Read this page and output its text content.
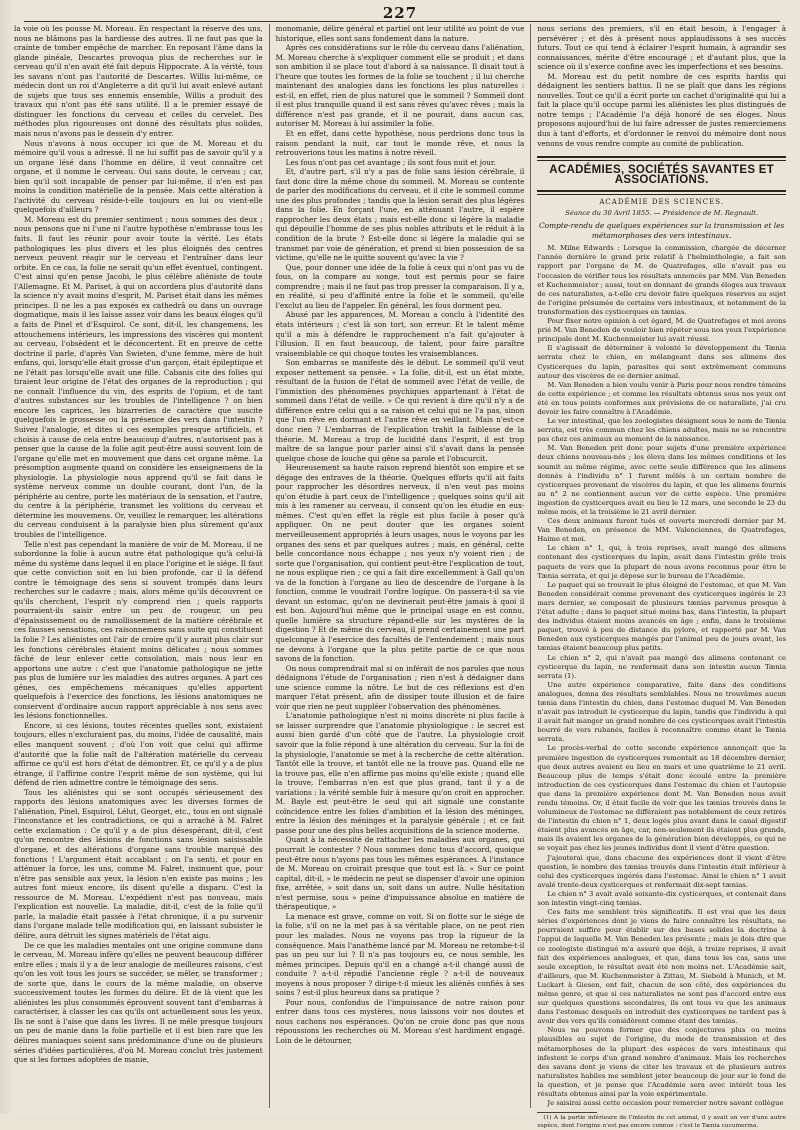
227

la voie où les pousse M. Moreau. En respectant la réserve des uns, nous ne blâmons pas la hardiesse des autres. Il ne faut pas que la crainte de tomber empêche de marcher. En reposant l'âme dans la glande pinéale, Descartes provoqua plus de recherches sur le cerveau qu'il n'en avait été fait depuis Hippocrate. A la vérité, tous les savans n'ont pas l'autorité de Descartes. Willis lui-même, ce médecin dont un roi d'Angleterre a dit qu'il lui avait enlevé autant de sujets que tous ses ennemis ensemble, Willis a produit des travaux qui n'ont pas été sans utilité. Il a le premier essayé de distinguer les fonctions du cerveau et celles du cervelet. Des méthodes plus rigoureuses ont donné des résultats plus solides, mais nous n'avons pas le dessein d'y entrer.

Nous n'avons à nous occuper ici que de M. Moreau et du mémoire qu'il vous a adressé. Il ne lui suffit pas de savoir qu'il y a un organe lésé dans l'homme en délire, il veut connaître cet organe, et il nomme le cerveau. Oui sans doute, le cerveau ; car, bien qu'il soit incapable de penser par lui-même, il n'en est pas moins la condition matérielle de la pensée. Mais cette altération à l'activité du cerveau réside-t-elle toujours en lui ou vient-elle quelquefois d'ailleurs ?

M. Moreau est du premier sentiment ; nous sommes des deux ; nous pensons que ni l'une ni l'autre hypothèse n'embrasse tous les faits. Il faut les réunir pour avoir toute la vérité. Les états pathologiques les plus divers et les plus éloignés des centres nerveux peuvent réagir sur le cerveau et l'entraîner dans leur orbite. En ce cas, la folie ne serait qu'un effet éventuel, contingent. C'est ainsi qu'en pense Jacobi, le plus célèbre aliéniste de toute l'Allemagne. Et M. Pariset, à qui on accordera plus d'autorité dans la science n'y avait moins d'esprit, M. Pariset était dans les mêmes principes. Il ne les a pas exposés ex cathedrâ ou dans un ouvrage dogmatique, mais il les laisse assez voir dans les beaux éloges qu'il a faits de Pinel et d'Esquirol. Ce sont, dit-il, les changemens, les attouchemens intérieurs, les impressions des viscères qui montent au cerveau, l'obsèdent et le déconcertent. Et en preuve de cette doctrine il parle, d'après Van Swieten, d'une femme, mère de huit enfans, qui, lorsqu'elle était grosse d'un garçon, était épileptique et ne l'était pas lorsqu'elle avait une fille. Cabanis cite des folies qui tiraient leur origine de l'état des organes de la reproduction ; qui ne connaît l'influence du vin, des esprits de l'opium, et de tant d'autres substances sur les troubles de l'intelligence ? on bien encore les caprices, les bizarreries de caractère que suscite quelquefois le grossesse ou la présence des vers dans l'intestin ? Suivez l'analogie, et dites si ces exemples presque artificiels, et choisis à cause de cela entre beaucoup d'autres, n'autorisent pas à penser que la cause de la folie agit peut-être aussi souvent loin de l'organe qu'elle met en mouvement que dans cet organe même. La présomption augmente quand on considère les enseignemens de la physiologie. La physiologie nous apprend qu'il se fait dans le système nerveux comme un double courant, dont l'un, de la périphérie au centre, porte les matériaux de la sensation, et l'autre, du centre à la périphérie, transmet les volitions du cerveau et détermine les mouvemens. Or, veuillez le remarquer, les altérations du cerveau conduisent à la paralysie bien plus sûrement qu'aux troubles de l'intelligence.

Telle n'est pas cependant la manière de voir de M. Moreau, il ne subordonne la folie à aucun autre état pathologique qu'à celui-là même du système dans lequel il en place l'origine et le siége. Il faut que cette conviction soit en lui bien profonde, car il la défend contre le témoignage des sens si souvent trompés dans leurs recherches sur le cadavre ; mais, alors même qu'ils découvrent ce qu'ils cherchent, l'esprit n'y comprend rien ; quels rapports pourraient-ils saisir entre un peu de rougeur, un peu d'épaississement ou de ramollissement de la matière cérébrale et ces fausses sensations, ces raisonnemens sans suite qui constituent la folie ? Les aliénistes ont l'air de croire qu'il y aurait plus clair sur les fonctions cérébrales étaient moins délicates ; nous sommes fâché de leur enlever cette consolation, mais nous leur en apportons une autre : c'est que l'anatomie pathologique ne jette pas plus de lumière sur les maladies des autres organes. A part ces gênes, ces empêchemens mécaniques qu'elles apportent quelquefois à l'exercice des fonctions, les lésions anatomiques ne conservent d'ordinaire aucun rapport appréciable à nos sens avec les lésions fonctionnelles.

Encore, si ces lésions, toutes récentes quelles sont, existaient toujours, elles n'excluraient pas, du moins, l'idée de causalité, mais elles manquent souvent ; d'où l'on voit que celui qui affirme d'autorité que la folie naît de l'altération matérielle du cerveau affirme ce qu'il est hors d'état de démontrer. Et, ce qu'il y a de plus étrange, il l'affirme contre l'esprit même de son système, qui lui défend de rien admettre contre le témoignage des sens.

Tous les aliénistes qui se sont occupés sérieusement des rapports des lésions anatomiques avec les diverses formes de l'aliénation, Pinel, Esquirol, Lélut, Georget, etc., tous en ont signalé l'inconstance et les contradictions, ce qui a arraché à M. Falret cette exclamation : Ce qu'il y a de plus désespérant, dit-il, c'est qu'on rencontre des lésions de fonctions sans lésion saisissable d'organe, et des altérations d'organe sans trouble marqué des fonctions ! L'argument était accablant ; on l'a senti, et pour en atténuer la force, les uns, comme M. Falret, insinuent que, pour n'être pas sensible aux yeux, la lésion n'en existe pas moins ; les autres font mieux encore, ils disent qu'elle a disparu. C'est la ressource de M. Moreau. L'expédient n'est pas nouveau, mais l'explication est nouvelle. La maladie, dit-il, c'est de la folie qu'il parle, la maladie était passée à l'état chronique, il a pu survenir dans l'organe malade telle modification qui, en laissant subsister le délire, aura détruit les signes matériels de l'état aigu.

De ce que les maladies mentales ont une origine commune dans le cerveau, M. Moreau infère qu'elles ne peuvent beaucoup différer entre elles ; mais il y a de leur analogie de meilleures raisons, c'est qu'on les voit tous les jours se succéder, se mêler, se transformer ; de sorte que, dans le cours de la même maladie, on observe successivement toutes les formes du délire. Et de là vient que les aliénistes les plus consommés éprouvent souvent tant d'embarras à caractériser, à classer les cas qu'ils ont actuellement sous les yeux. Ils ne sont à l'aise que dans les livres. Il ne méle presque toujours un peu de manie dans la folie partielle et il est bien rare que les délires maniaques soient sans prédominance d'une ou de plusieurs séries d'idées particulières, d'où M. Moreau conclut très justement que si les formes adoptées de manie,

monomanie, délire général et partiel ont leur utilité au point de vue historique, elles sont sans fondement dans la nature.

Après ces considérations sur le rôle du cerveau dans l'aliénation, M. Moreau cherche à s'expliquer comment elle se produit ; et dans son ambition il se place tout d'abord à sa naissance. Il disait tout à l'heure que toutes les formes de la folie se touchent ; il lui cherche maintenant des analogies dans les fonctions les plus naturelles : est-il, en effet, rien de plus naturel que le sommeil ? Sommeil dont il est plus tranquille quand il est sans rêves qu'avec rêves ; mais la différence n'est pas grande, et il ne pourait, dans aucun cas, autoriser M. Moreau à lui assimiler la folie.

Et en effet, dans cette hypothèse, nous perdrions donc tous la raison pendant la nuit, car tout le monde rêve, et nous la retrouverions tous les matins à notre réveil.

Les fous n'ont pas cet avantage ; ils sont fous nuit et jour.

Et, d'autre part, s'il n'y a pas de folie sans lésion cérébrale, il faut donc dire la même chose du sommeil. M. Moreau se contente de parler des modifications du cerveau, et il cite le sommeil comme une des plus profondes ; tandis que la lésion serait des plus légères dans la folie. En forçant l'une, en atténuant l'autre, il espère rapprocher les deux états ; mais est-elle donc si légère la maladie qui dépouille l'homme de ses plus nobles attributs et le réduit à la condition de la brute ? Est-elle donc si légère la maladie qui se transmet par voie de génération, et prend si bien possession de sa victime, qu'elle ne le quitte souvent qu'avec la vie ?

Que, pour donner une idée de la folie à ceux qui n'ont pas vu de fous, on la compare au songe, tout est permis pour se faire comprendre ; mais il ne faut pas trop presser la comparaison. Il y a, en réalité, si peu d'affinité entre la folie et le sommeil, qu'elle l'exclut au lieu de l'appeler. En général, les fous dorment peu.

Abusé par les apparences, M. Moreau a conclu à l'identité des états intérieurs ; c'est là son tort, son erreur. Et le talent même qu'il a mis à défendre le rapprochement n'a fait qu'ajouter à l'illusion. Il en faut beaucoup, de talent, pour faire paraître vraisemblable ce qui choque toutes les vraisemblances.

Son embarras se manifeste dès le début. Le sommeil qu'il veut exposer nettement sa pensée. « La folie, dit-il, est un état mixte, résultant de la fusion de l'état de sommeil avec l'état de veille, de l'immixtion des phénomènes psychiques appartenant à l'état de sommeil dans l'état de veille. » Ce qui revient à dire qu'il n'y a de différence entre celui qui a sa raison et celui qui ne l'a pas, sinon que l'un rêve en dormant et l'autre rêve en veillant. Mais n'est-ce donc rien ? L'embarras de l'explication trahit la faiblesse de la théorie. M. Moreau a trop de lucidité dans l'esprit, il est trop maître de sa langue pour parler ainsi s'il s'avait dans la pensée quelque chose de louche qui gêne sa parole et l'obscurcit.

Heureusement sa haute raison reprend bientôt son empire et se dégage des entraves de la théorie. Quelques efforts qu'il ait faits pour rapprocher les désordres nerveux, il n'en veut pas moins qu'on étudie à part ceux de l'intelligence ; quelques soins qu'il ait mis à les ramener au cerveau, il consent qu'on les étudie en eux-mêmes. C'est qu'en effet la règle est plus facile à poser qu'à appliquer. On ne peut douter que les organes soient merveilleusement appropriés à leurs usages, nous le voyons par les organes des sens et par quelques autres ; mais, en général, cette belle concordance nous échappe ; nos yeux n'y voient rien ; de sorte que l'organisation, qui contient peut-être l'explication de tout, ne nous explique rien ; ce qui a fait dire excellemment à Gall qu'on va de la fonction à l'organe au lieu de descendre de l'organe à la fonction, comme le voudrait l'ordre logique. On passera-t-il sa vie devant un estomac, qu'on ne devinerait peut-être jamais à quoi il est bon. Aujourd'hui même que le principal usage en est connu, quelle lumière sa structure répand-elle sur les mystères de la digestion ? Et de même du cerveau, il prend certainement une part quelconque à l'exercice des facultés de l'entendement ; mais nous ne devons à l'organe que la plus petite partie de ce que nous savons de la fonction.

On nous comprendrait mal si on inférait de nos paroles que nous dédaignons l'étude de l'organisation ; rien n'est à dédaigner dans une science comme la nôtre. Le but de ces réflexions est d'en marquer l'état présent, afin de dissiper toute illusion et de faire voir que rien ne peut suppléer l'observation des phénomènes.

L'anatomie pathologique n'est ni moins discrète ni plus facile à se laisser surprendre que l'anatomie physiologique : le secret est aussi bien gardé d'un côté que de l'autre. La physiologie croit savoir que la folie répond à une altération du cerveau. Sur la foi de la physiologie, l'anatomie se met à la recherche de cette altération. Tantôt elle la trouve, et tantôt elle ne la trouve pas. Quand elle ne la trouve pas, elle n'en affirme pas moins qu'elle existe ; quand elle la trouve, l'embarras n'en est que plus grand, tant il y a de variations : la vérité semble fuir à mesure qu'on croit en approcher. M. Bayle est peut-être le seul qui ait signalé une constante coïncidence entre les folies d'ambition et la lésion des méninges, entre la lésion des méninges et la paralysie générale ; et ce fait passe pour une des plus belles acquisitions de la science moderne.

Quant à la nécessité de rattacher les maladies aux organes, qui pourrait le contester ? Nous sommes donc tous d'accord, quoique peut-être nous n'ayons pas tous les mêmes espérances. A l'instance de M. Moreau on croirait presque que tout est là. « Sur ce point capital, dit-il, » le médecin ne peut se dispenser d'avoir une opinion fixe, arrêtée, » soit dans un, soit dans un autre. Nulle hésitation n'est permise, sous » peine d'impuissance absolue en matière de thérapeutique. »

La menace est grave, comme on voit. Si on flotte sur le siége de la folie, s'il on ne la met pas à sa véritable place, on ne peut rien pour les malades. Nous ne voyons pas trop la rigueur de la conséquence. Mais l'anathème lancé par M. Moreau ne retombe-t-il pas un peu sur lui ? Il n'a pas toujours eu, ce nous semble, les mêmes principes. Depuis qu'il en a changé a-t-il changé aussi de conduite ? a-t-il répudié l'ancienne règle ? a-t-il de nouveaux moyens à nous proposer ? dirige-t-il mieux les aliénés confiés à ses soins ? est-il plus heureux dans sa pratique ?

Pour nous, confondus de l'impuissance de notre raison pour entrer dans tous ces mystères, nous laissons voir nos doutes et nous cachons nos espérances. Qu'on ne croie donc pas que nous répoussions les recherches où M. Moreau s'est hardiment engagé. Loin de le détourner,

nous serions des premiers, s'il en était besoin, à l'engager à persévérer ; et dès à présent nous applaudissons à ses succès futurs. Tout ce qui tend à éclairer l'esprit humain, à agrandir ses connaissances, mérite d'être encouragé ; et d'autant plus, que la science où il s'exerce confine avec les imperfections et ses besoins.

M. Moreau est du petit nombre de ces esprits hardis qui dédaignent les sentiers battus. Il ne se plaît que dans les régions nouvelles. Tout ce qu'il a écrit porte un cachet d'originalité qui lui a fait la place qu'il occupe parmi les aliénistes les plus distingués de notre temps ; l'Académie l'a déjà honoré de ses éloges. Nous proposons aujourd'hui de lui faire adresser de justes remerciemens dus à tant d'efforts, et d'ordonner le renvoi du mémoire dont nous venons de vous rendre compte au comité de publication.

ACADÉMIES, SOCIÉTÉS SAVANTES ET ASSOCIATIONS.
ACADÉMIE DES SCIENCES.
Séance du 30 Avril 1855. — Présidence de M. Regnault.
Compte-rendu de quelques expériences sur la transmission et les métamorphoses des vers intestinaux.

M. Milne Edwards : Lorsque la commission, chargée de décerner l'année dernière le grand prix relatif à l'helminthologie, a fait son rapport par l'organe de M. de Quatrefages, elle n'avait pas eu l'occasion de vérifier tous les résultats annoncés par MM. Van Beneden et Kuchenmeister ; aussi, tout en donnant de grands éloges aux travaux de ces naturalistes, a-t-elle cru devoir faire quelques réserves au sujet de l'origine présumée de certains vers intestinaux, et notamment de la transformation des cysticerques en tænias.

Pour fixer notre opinion à cet égard, M. de Quatrefages et moi avons prié M. Van Beneden de vouloir bien répéter sous nos yeux l'expérience principale dont M. Kuchenmeister lui avait réussi.

Il s'agissait de déterminer à volonté le développement du Tænia serrata chez le chien, en mélangeant dans ses alimens des Cysticerques du lapin, parasites qui sont extrêmement communs autour des viscères de ce dernier animal.

M. Van Beneden a bien voulu venir à Paris pour nous rendre témoins de cette expérience ; et comme les résultats obtenus sous nos yeux ont été en tous points conformes aux prévisions de ce naturaliste, j'ai cru devoir les faire connaître à l'Académie.

Le ver intestinal, que les zoologistes désignent sous le nom de Tænia serrata, est très commun chez les chiens adultes, mais ne se rencontre pas chez ces animaux au moment de la naissance.

M. Van Beneden prit donc pour sujets d'une première expérience deux chiens nouveau-nés ; les élevа dans les mêmes conditions et les soumit au même régime, avec cette seule différence que les alimens donnés à l'individu n° 1 furent mêlés à un certain nombre de cysticerques provenant de viscères du lapin, et que les alimens fournis au n° 2 ne contiennent aucun ver de cette espèce. Une première ingestion de cysticerques avait eu lieu le 12 mars, une seconde le 23 du même mois, et la troisième le 21 avril dernier.

Ces deux animaux furent tués et ouverts mercredi dernier par M. Van Beneden, en présence de MM. Valenciennes, de Quatrefages, Haime et moi.

Le chien n° 1, qui, à trois reprises, avait mangé des alimens contenant des cysticerques du lapin, avait dans l'intestin grêle trois paquets de vers que la plupart de nous avons reconnus pour être le Tænia serrata, et qui je dépose sur le bureau de l'Académie.

Le paquet qui se trouvait le plus éloigné de l'estomac, et que M. Van Beneden considérait comme provenant des cysticerques ingérés le 23 mars dernier, se composait de plusieurs tænias parvenus presque à l'état adulte ; dans le paquet situé moins bas, dans l'intestin, la plupart des individus étaient moins avancés en âge ; enfin, dans le troisième paquet, trouvé à peu de distance du pylore, et rapporté par M. Van Beneden aux cysticerques mangés par l'animal peu de jours avant, les tænias étaient beaucoup plus petits.

Le chien n° 2, qui n'avait pas mangé des alimens contenant ce cysticerque du lapin, ne renfermait dans son intestin aucun Tænia serrata (1).

Une autre expérience comparative, faite dans des conditions analogues, donna des résultats semblables. Nous ne trouvâmes aucun tænia dans l'intestin du chien, dans l'estomac duquel M. Van Beneden n'avait pas introduit le cysticerque du lapin, tandis que l'individu à qui il avait fait manger un grand nombre de ces cysticerques avait l'intestin bourré de vers rubanés, faciles à reconnaître comme étant le Tænia serrata.

Le procès-verbal de cette seconde expérience annonçait que la première ingestion de cysticerques remontait au 18 décembre dernier, que deux autres avaient eu lieu en mars et une quatrième le 21 avril. Beaucoup plus de temps s'était donc écoulé entre la première introduction de ces cysticerques dans l'estomac du chien et l'autopsie que dans la première expérience dont M. Van Beneden nous avait rendu témoins. Or, il était facile de voir que les tænias trouvés dans le volumineux de l'estomac ne différaient pas notablement de ceux retirés de l'intestin du chien n° 1, deux logés plus avant dans le canal digestif étaient plus avancés en âge, car, non-seulement ils étaient plus grands, mais ils avaient les organes de la génération bien développés, ce qui ne se voyait pas chez les jeunes individus dont il vient d'être question.

J'ajouterai que, dans chacune des expériences dont il vient d'être question, le nombre des tænias trouvés dans l'intestin était inférieur à celui des cysticerques ingérés dans l'estomac. Ainsi le chien n° 1 avait avalé trente-deux cysticerques et renfermait dix-sept tænias.

Le chien n° 3 avait avalé soixante-dix cysticerques, et contenait dans son intestin vingt-cinq tænias.

Ces faits me semblent très significatifs. Il est vrai que les deux séries d'expériences dont je viens de faire connaître les résultats, ne pourraient suffire pour établir sur des bases solides la doctrine à l'appui de laquelle M. Van Beneden les présente ; mais je dois dire que ce zoologiste distingué m'a assuré que déjà, à treize reprises, il avait fait des expériences analogues, et que, dans tous les cas, sans une seule exception, le résultat avait été non moins net. L'Académie sait, d'ailleurs, que M. Kuchenmeister à Zittau, M. Siebold à Munich, et M. Luckart à Giesen, ont fait, chacun de son côté, des expériences du même genre, et que si ces naturalistes ne sont pas d'accord entre eux sur quelques questions secondaires, ils ont tous vu que les animaux dans l'estomac desquels on introduit des cysticerques ne tardent pas à avoir des vers qu'ils considèrent comme étant des tænias.

Nous ne pouvons former que des conjectures plus ou moins plausibles au sujet de l'origine, du mode de transmission et des métamorphoses de la plupart des espèces de vers intestinaux qui infestent le corps d'un grand nombre d'animaux. Mais les recherches des savans dont je viens de citer les travaux et de plusieurs autres naturalistes habiles me semblent jeter beaucoup de jour sur le fond de la question, et je pense que l'Académie sera avec intérêt tous les résultats obtenus ainsi par la voie expérimentale.

Je saisirai aussi cette occasion pour remercier notre savant collègue

(1) A la partie inférieure de l'intestin de cet animal, il y avait un ver d'une autre espèce, dont l'origine n'est pas encore connue : c'est le Tænia cucumerina.
